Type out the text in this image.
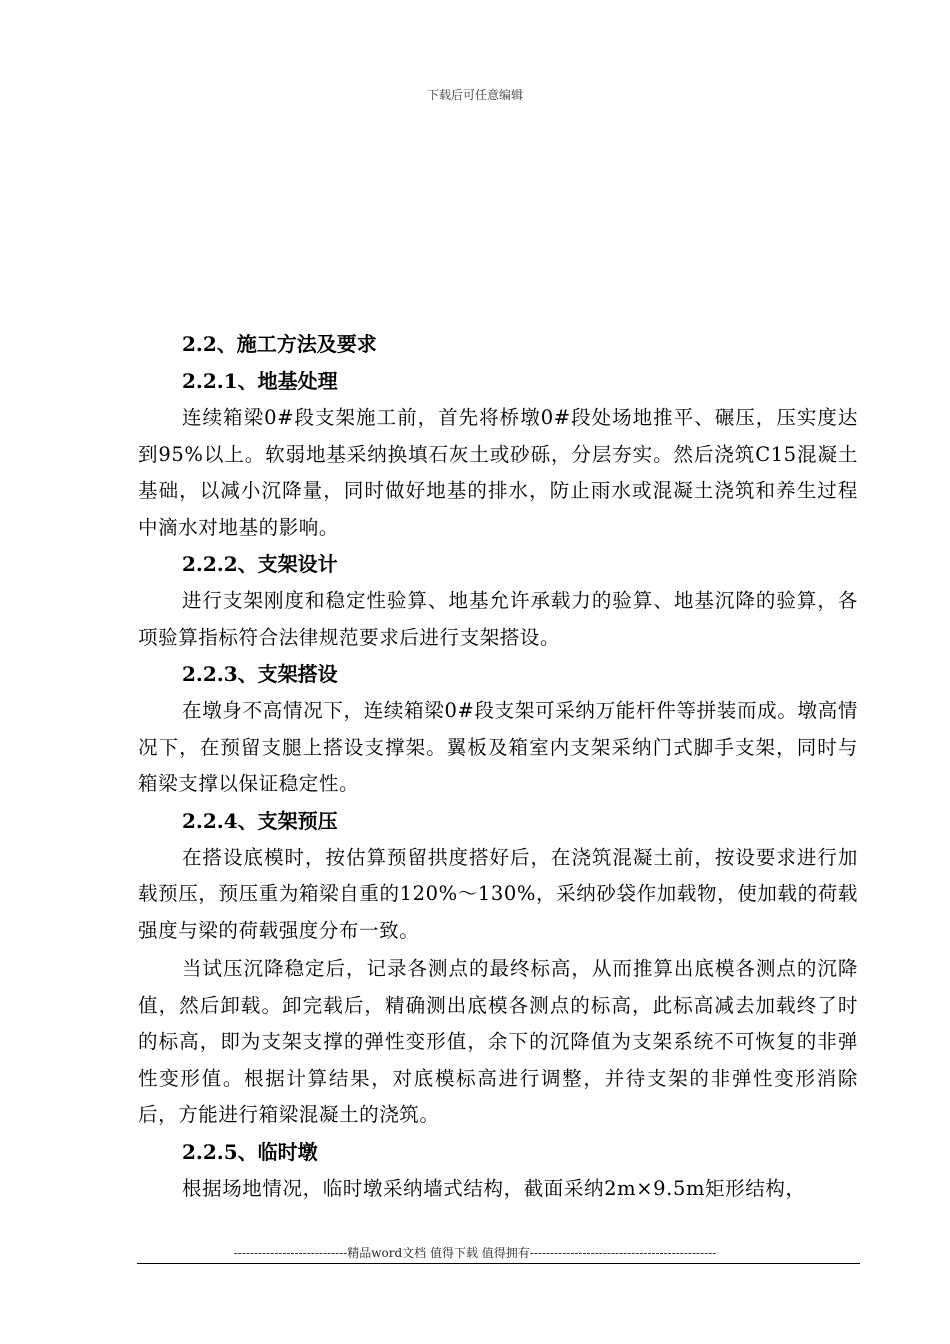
下载后可任意编辑
2.2、施工方法及要求
2.2.1、地基处理
连续箱梁0#段支架施工前，首先将桥墩0#段处场地推平、碾压，压实度达到95%以上。软弱地基采纳换填石灰土或砂砾，分层夯实。然后浇筑C15混凝土基础，以减小沉降量，同时做好地基的排水，防止雨水或混凝土浇筑和养生过程中滴水对地基的影响。
2.2.2、支架设计
进行支架刚度和稳定性验算、地基允许承载力的验算、地基沉降的验算，各项验算指标符合法律规范要求后进行支架搭设。
2.2.3、支架搭设
在墩身不高情况下，连续箱梁0#段支架可采纳万能杆件等拼装而成。墩高情况下，在预留支腿上搭设支撑架。翼板及箱室内支架采纳门式脚手支架，同时与箱梁支撑以保证稳定性。
2.2.4、支架预压
在搭设底模时，按估算预留拱度搭好后，在浇筑混凝土前，按设要求进行加载预压，预压重为箱梁自重的120%～130%，采纳砂袋作加载物，使加载的荷载强度与梁的荷载强度分布一致。
当试压沉降稳定后，记录各测点的最终标高，从而推算出底模各测点的沉降值，然后卸载。卸完载后，精确测出底模各测点的标高，此标高减去加载终了时的标高，即为支架支撑的弹性变形值，余下的沉降值为支架系统不可恢复的非弹性变形值。根据计算结果，对底模标高进行调整，并待支架的非弹性变形消除后，方能进行箱梁混凝土的浇筑。
2.2.5、临时墩
根据场地情况，临时墩采纳墙式结构，截面采纳2m×9.5m矩形结构，
----------------------------精品word文档 值得下载 值得拥有----------------------------------------------
